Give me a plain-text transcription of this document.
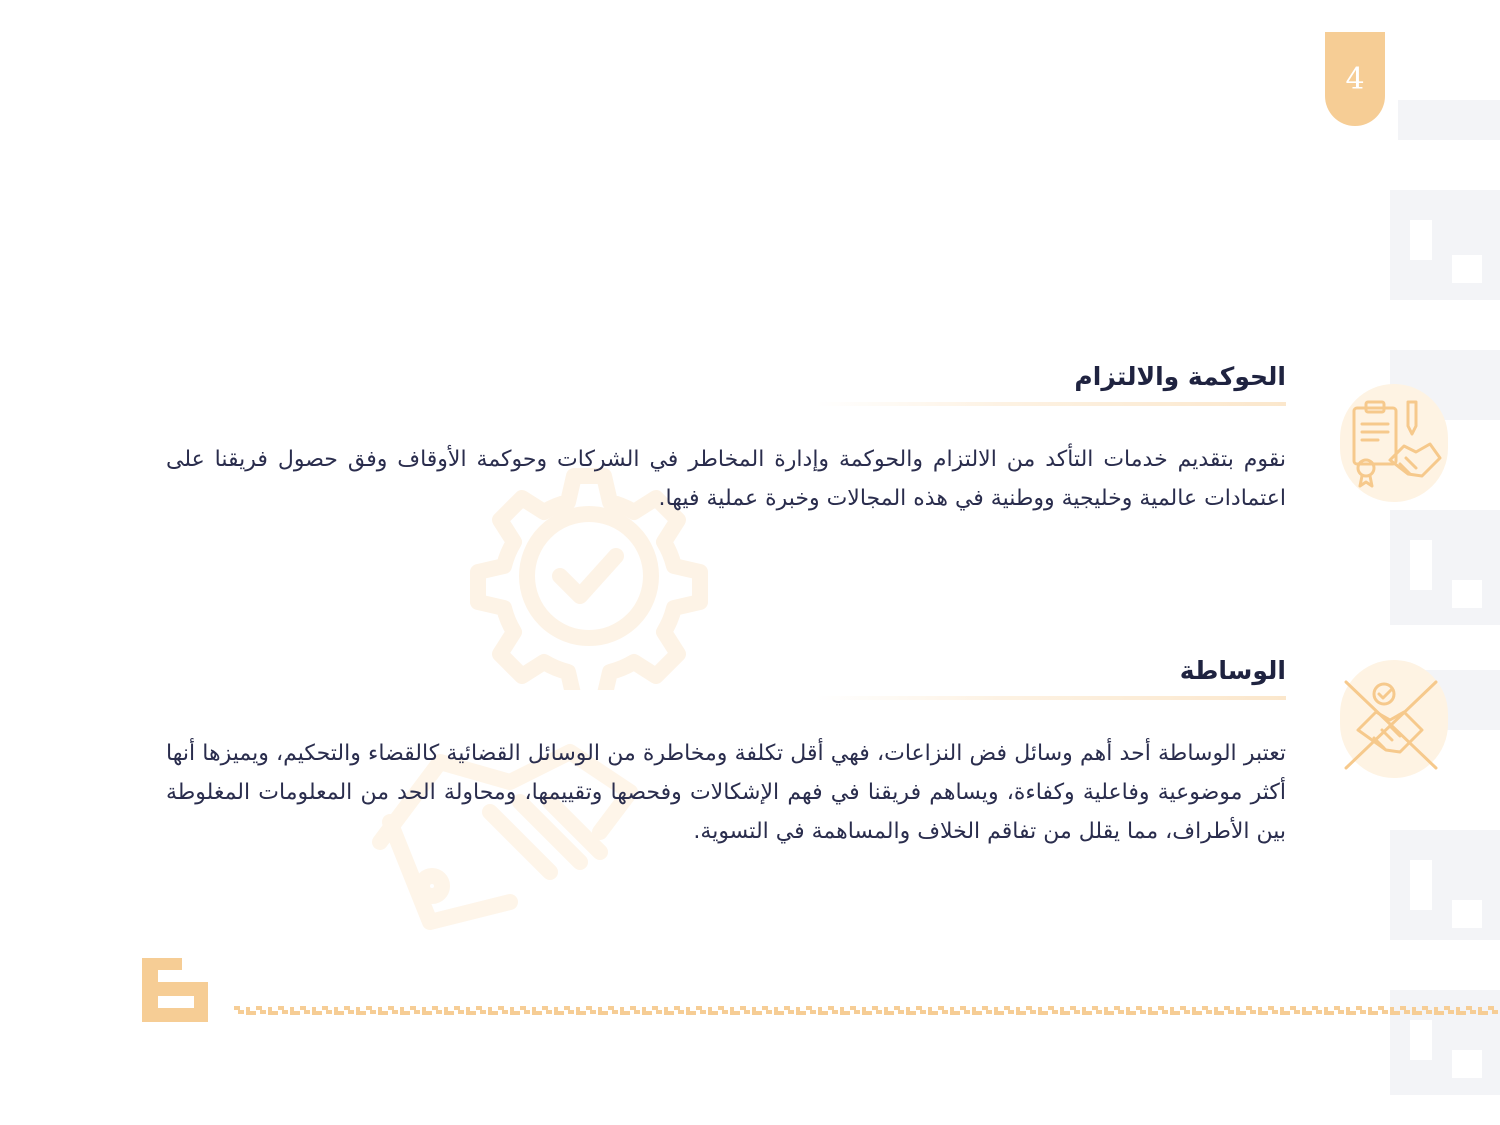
4
الحوكمة والالتزام
نقوم بتقديم خدمات التأكد من الالتزام والحوكمة وإدارة المخاطر في الشركات وحوكمة الأوقاف وفق حصول فريقنا على اعتمادات عالمية وخليجية ووطنية في هذه المجالات وخبرة عملية فيها.
الوساطة
تعتبر الوساطة أحد أهم وسائل فض النزاعات، فهي أقل تكلفة ومخاطرة من الوسائل القضائية كالقضاء والتحكيم، ويميزها أنها أكثر موضوعية وفاعلية وكفاءة، ويساهم فريقنا في فهم الإشكالات وفحصها وتقييمها، ومحاولة الحد من المعلومات المغلوطة بين الأطراف، مما يقلل من تفاقم الخلاف والمساهمة في التسوية.
